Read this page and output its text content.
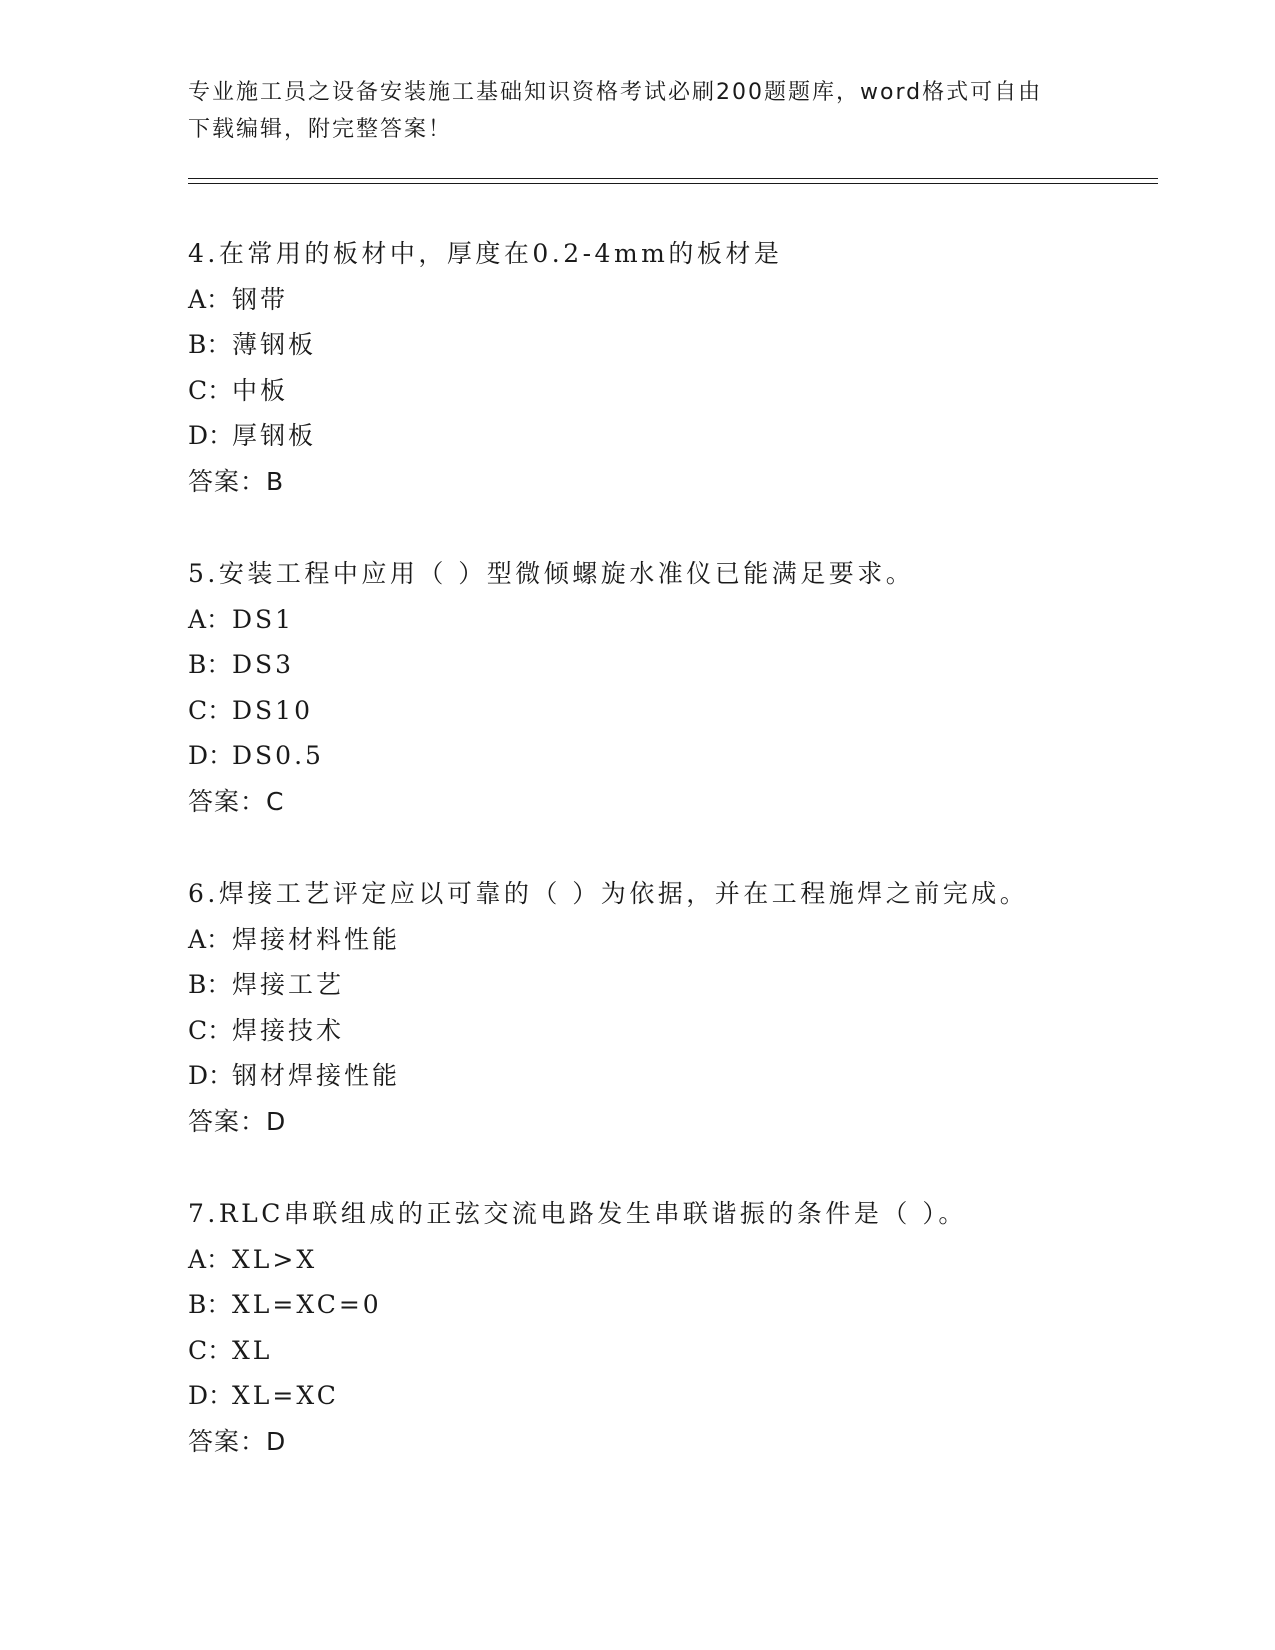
专业施工员之设备安装施工基础知识资格考试必刷200题题库，word格式可自由
下载编辑，附完整答案！
4.在常用的板材中，厚度在0.2-4mm的板材是
A：钢带
B：薄钢板
C：中板
D：厚钢板
答案：B
5.安装工程中应用（ ）型微倾螺旋水准仪已能满足要求。
A：DS1
B：DS3
C：DS10
D：DS0.5
答案：C
6.焊接工艺评定应以可靠的（ ）为依据，并在工程施焊之前完成。
A：焊接材料性能
B：焊接工艺
C：焊接技术
D：钢材焊接性能
答案：D
7.RLC串联组成的正弦交流电路发生串联谐振的条件是（ ）。
A：XL>X
B：XL=XC=0
C：XL
D：XL=XC
答案：D
